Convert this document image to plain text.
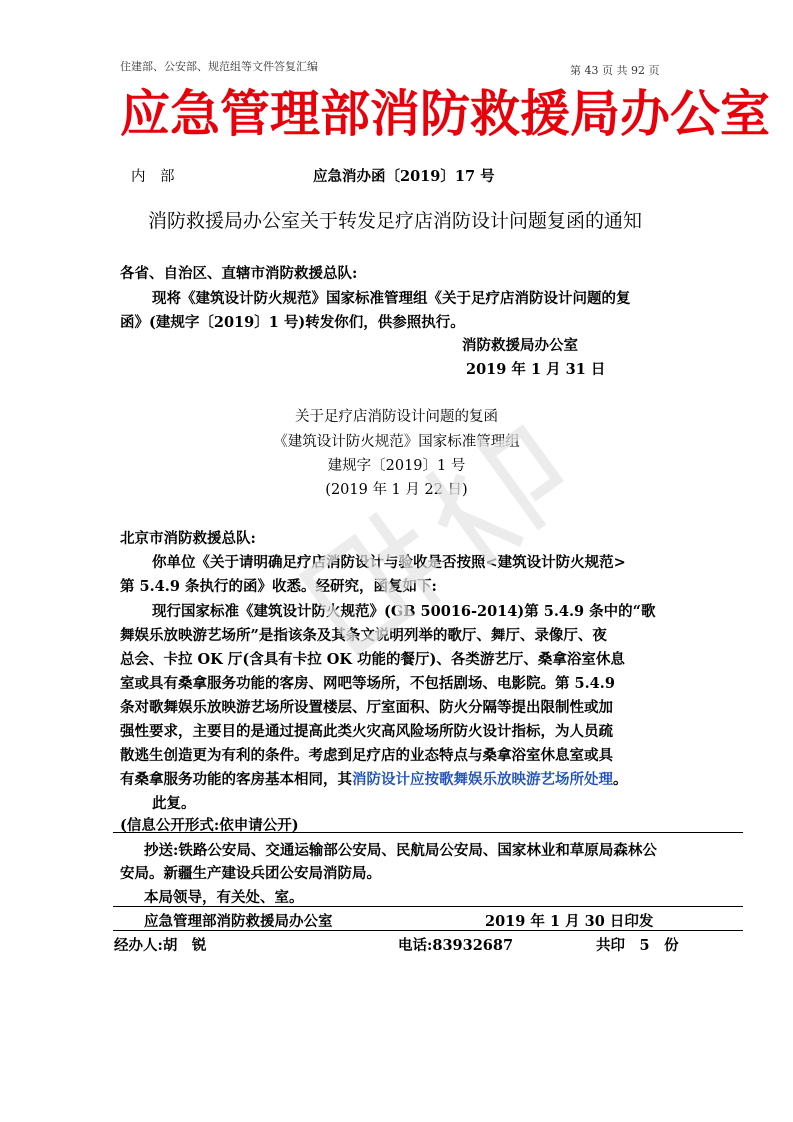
住建部、公安部、规范组等文件答复汇编	第 43 页 共 92 页
应急管理部消防救援局办公室
内　部	应急消办函〔2019〕17 号
消防救援局办公室关于转发足疗店消防设计问题复函的通知
各省、自治区、直辖市消防救援总队:
现将《建筑设计防火规范》国家标准管理组《关于足疗店消防设计问题的复
函》(建规字〔2019〕1 号)转发你们，供参照执行。
消防救援局办公室
2019 年 1 月 31 日
关于足疗店消防设计问题的复函
《建筑设计防火规范》国家标准管理组
建规字〔2019〕1 号
(2019 年 1 月 22 日)
北京市消防救援总队:
你单位《关于请明确足疗店消防设计与验收是否按照<建筑设计防火规范>
第 5.4.9 条执行的函》收悉。经研究，函复如下:
现行国家标准《建筑设计防火规范》(GB 50016-2014)第 5.4.9 条中的“歌
舞娱乐放映游艺场所”是指该条及其条文说明列举的歌厅、舞厅、录像厅、夜
总会、卡拉 OK 厅(含具有卡拉 OK 功能的餐厅)、各类游艺厅、桑拿浴室休息
室或具有桑拿服务功能的客房、网吧等场所，不包括剧场、电影院。第 5.4.9
条对歌舞娱乐放映游艺场所设置楼层、厅室面积、防火分隔等提出限制性或加
强性要求，主要目的是通过提高此类火灾高风险场所防火设计指标，为人员疏
散逃生创造更为有利的条件。考虑到足疗店的业态特点与桑拿浴室休息室或具
有桑拿服务功能的客房基本相同，其消防设计应按歌舞娱乐放映游艺场所处理。
此复。
(信息公开形式:依申请公开)
抄送:铁路公安局、交通运输部公安局、民航局公安局、国家林业和草原局森林公
安局。新疆生产建设兵团公安局消防局。
本局领导，有关处、室。
应急管理部消防救援局办公室	2019 年 1 月 30 日印发
经办人:胡　锐	电话:83932687	共印　5　份
